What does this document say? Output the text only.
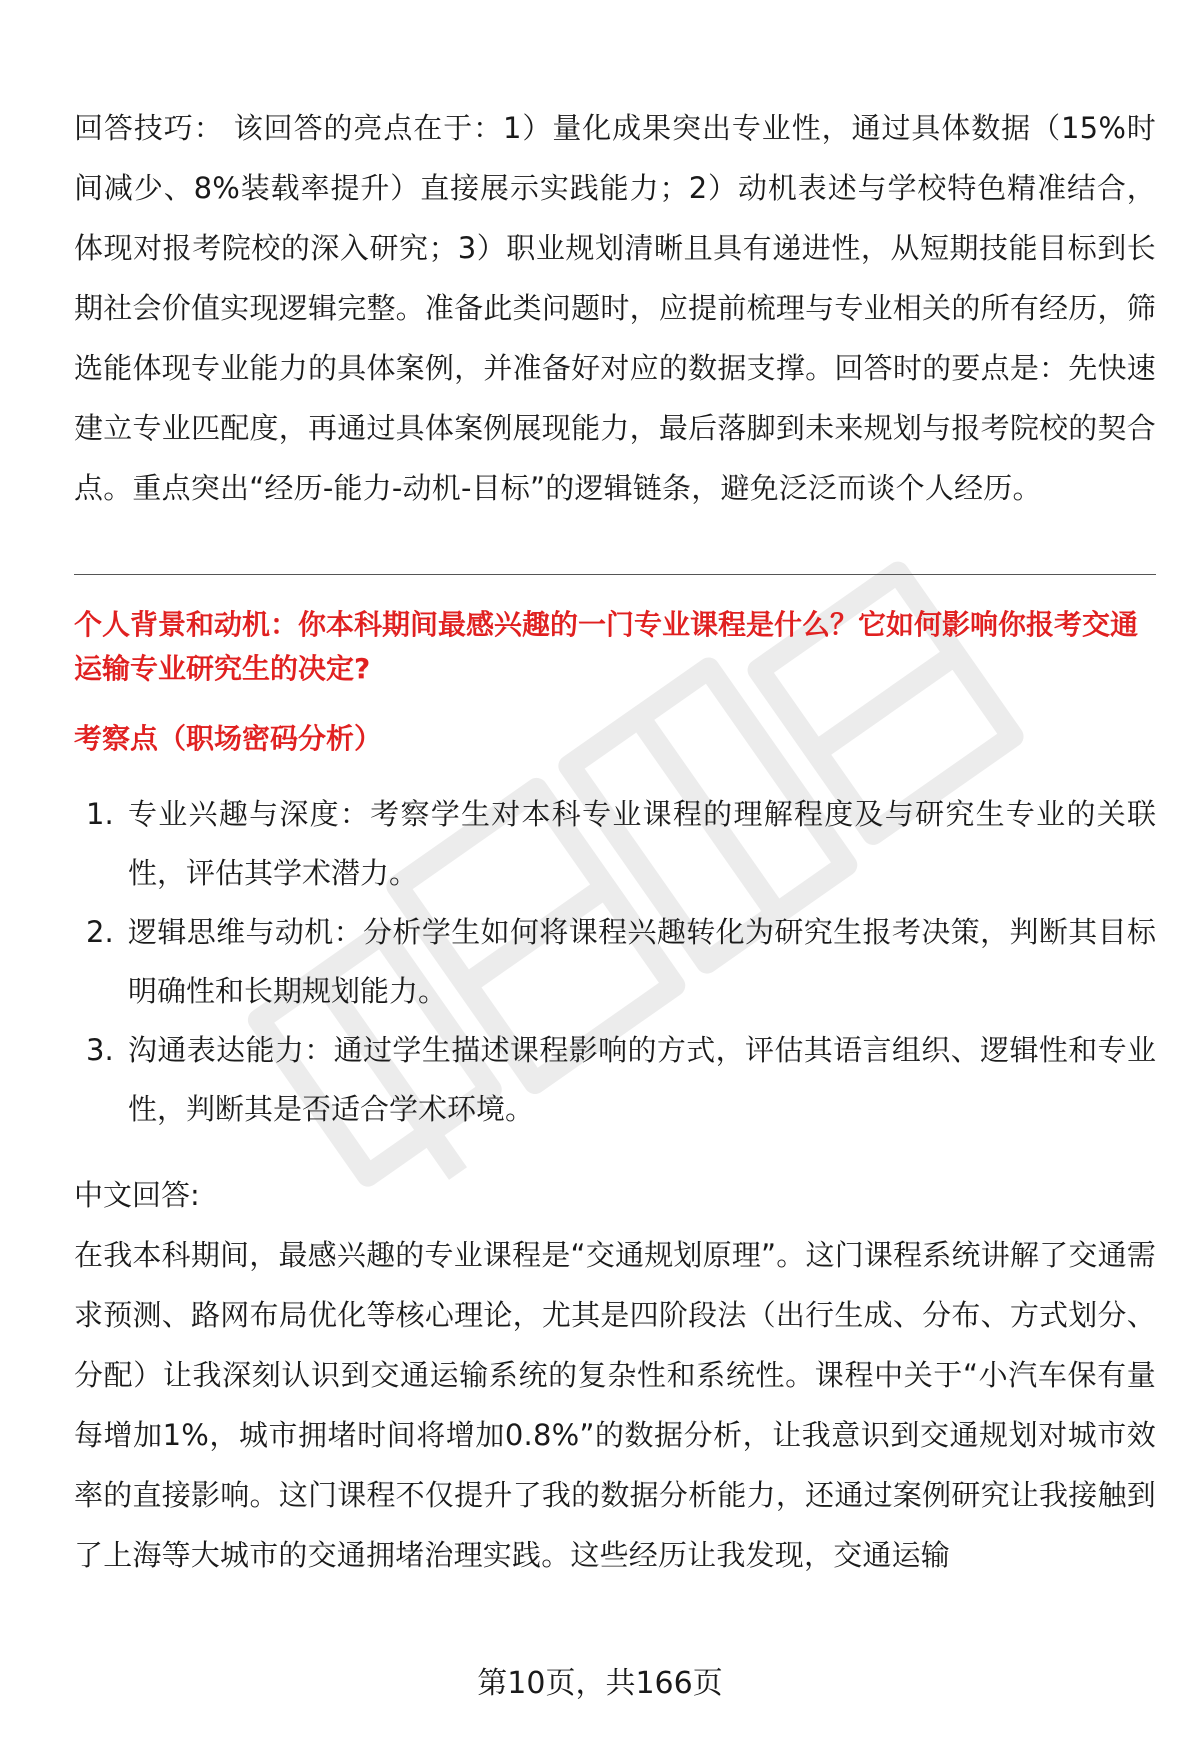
回答技巧： 该回答的亮点在于：1）量化成果突出专业性，通过具体数据（15%时间减少、8%装载率提升）直接展示实践能力；2）动机表述与学校特色精准结合，体现对报考院校的深入研究；3）职业规划清晰且具有递进性，从短期技能目标到长期社会价值实现逻辑完整。准备此类问题时，应提前梳理与专业相关的所有经历，筛选能体现专业能力的具体案例，并准备好对应的数据支撑。回答时的要点是：先快速建立专业匹配度，再通过具体案例展现能力，最后落脚到未来规划与报考院校的契合点。重点突出“经历-能力-动机-目标”的逻辑链条，避免泛泛而谈个人经历。

个人背景和动机：你本科期间最感兴趣的一门专业课程是什么？它如何影响你报考交通运输专业研究生的决定?

考察点（职场密码分析）

1. 专业兴趣与深度：考察学生对本科专业课程的理解程度及与研究生专业的关联性，评估其学术潜力。
2. 逻辑思维与动机：分析学生如何将课程兴趣转化为研究生报考决策，判断其目标明确性和长期规划能力。
3. 沟通表达能力：通过学生描述课程影响的方式，评估其语言组织、逻辑性和专业性，判断其是否适合学术环境。

中文回答:

在我本科期间，最感兴趣的专业课程是“交通规划原理”。这门课程系统讲解了交通需求预测、路网布局优化等核心理论，尤其是四阶段法（出行生成、分布、方式划分、分配）让我深刻认识到交通运输系统的复杂性和系统性。课程中关于“小汽车保有量每增加1%，城市拥堵时间将增加0.8%”的数据分析，让我意识到交通规划对城市效率的直接影响。这门课程不仅提升了我的数据分析能力，还通过案例研究让我接触到了上海等大城市的交通拥堵治理实践。这些经历让我发现，交通运输

第10页，共166页
